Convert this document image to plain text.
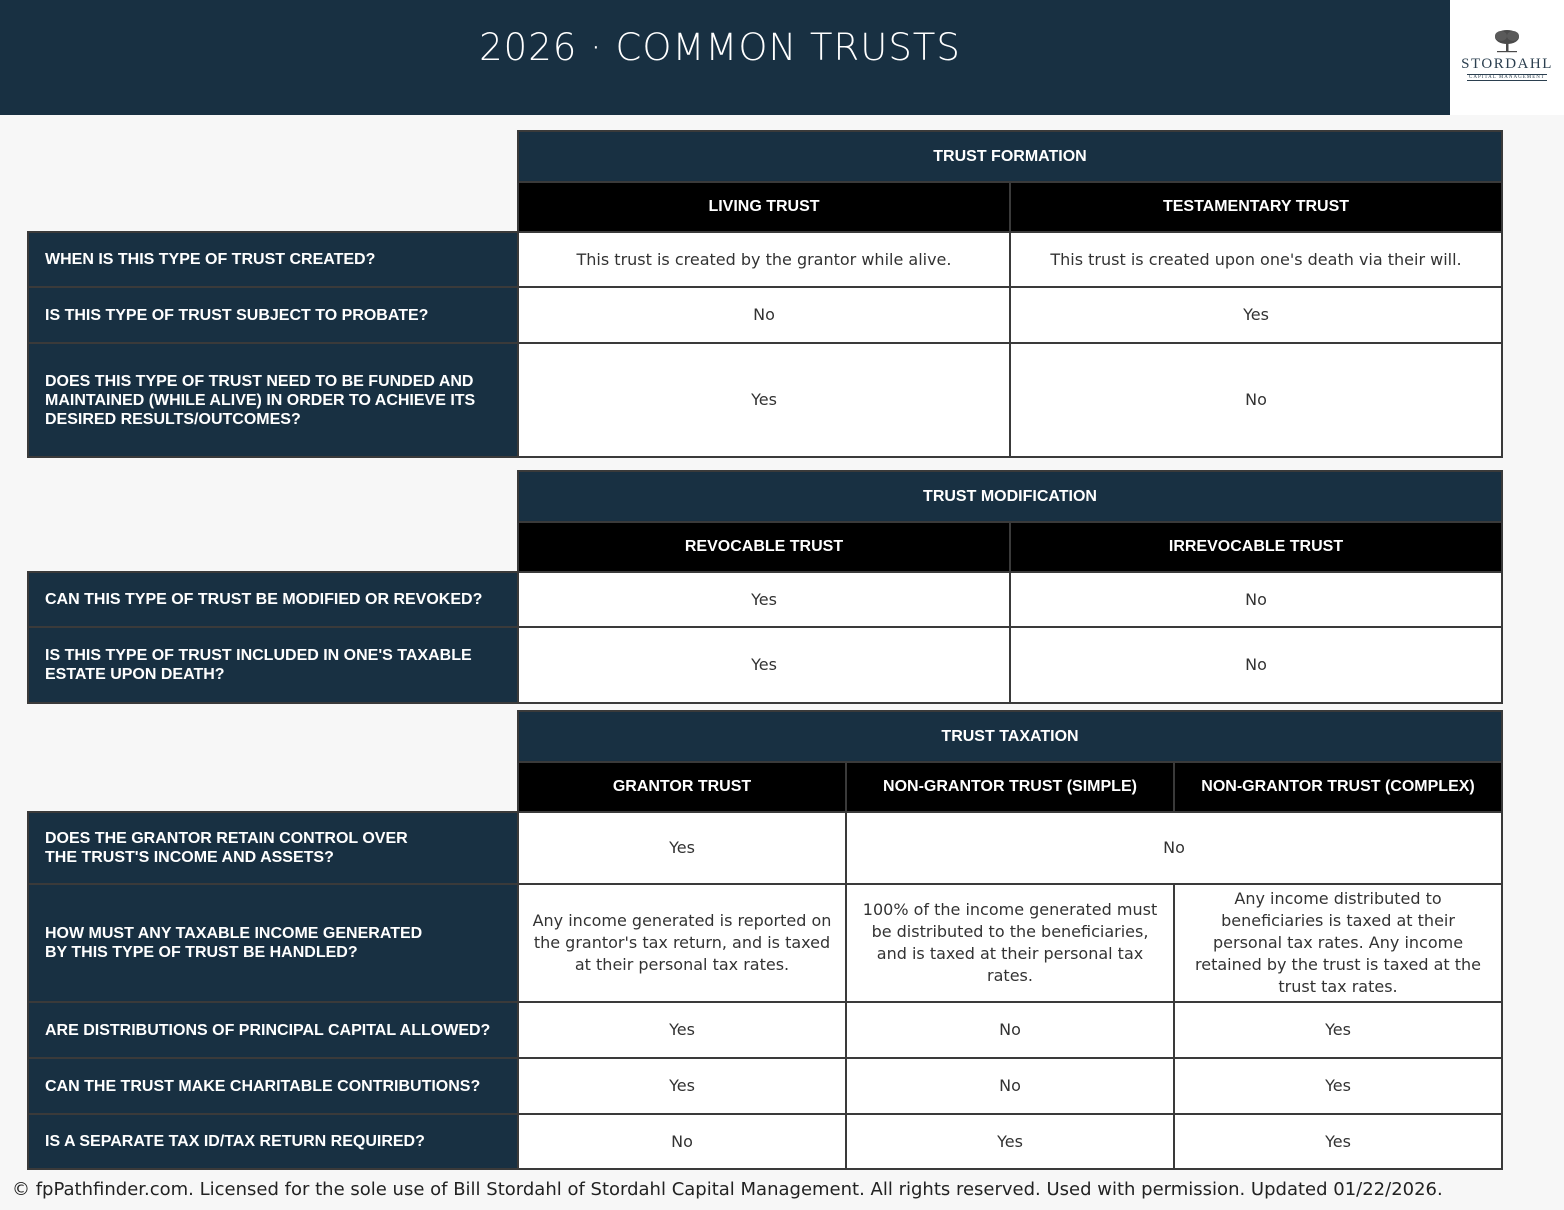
2026 · COMMON TRUSTS	STORDAHL
CAPITAL MANAGEMENT
	TRUST FORMATION	
	LIVING TRUST	TESTAMENTARY TRUST
WHEN IS THIS TYPE OF TRUST CREATED?	This trust is created by the grantor while alive.	This trust is created upon one's death via their will.
IS THIS TYPE OF TRUST SUBJECT TO PROBATE?	No	Yes
DOES THIS TYPE OF TRUST NEED TO BE FUNDED AND
MAINTAINED (WHILE ALIVE) IN ORDER TO ACHIEVE ITS
DESIRED RESULTS/OUTCOMES?	Yes	No
	TRUST MODIFICATION	
	REVOCABLE TRUST	IRREVOCABLE TRUST
CAN THIS TYPE OF TRUST BE MODIFIED OR REVOKED?	Yes	No
IS THIS TYPE OF TRUST INCLUDED IN ONE'S TAXABLE
ESTATE UPON DEATH?	Yes	No
	TRUST TAXATION		
	GRANTOR TRUST	NON-GRANTOR TRUST (SIMPLE)	NON-GRANTOR TRUST (COMPLEX)
DOES THE GRANTOR RETAIN CONTROL OVER
THE TRUST'S INCOME AND ASSETS?	Yes	No	
HOW MUST ANY TAXABLE INCOME GENERATED
BY THIS TYPE OF TRUST BE HANDLED?	Any income generated is reported on the grantor's tax return, and is taxed at their personal tax rates.	100% of the income generated must be distributed to the beneficiaries, and is taxed at their personal tax rates.	Any income distributed to beneficiaries is taxed at their personal tax rates. Any income retained by the trust is taxed at the trust tax rates.
ARE DISTRIBUTIONS OF PRINCIPAL CAPITAL ALLOWED?	Yes	No	Yes
CAN THE TRUST MAKE CHARITABLE CONTRIBUTIONS?	Yes	No	Yes
IS A SEPARATE TAX ID/TAX RETURN REQUIRED?	No	Yes	Yes
© fpPathfinder.com. Licensed for the sole use of Bill Stordahl of Stordahl Capital Management. All rights reserved. Used with permission. Updated 01/22/2026.
